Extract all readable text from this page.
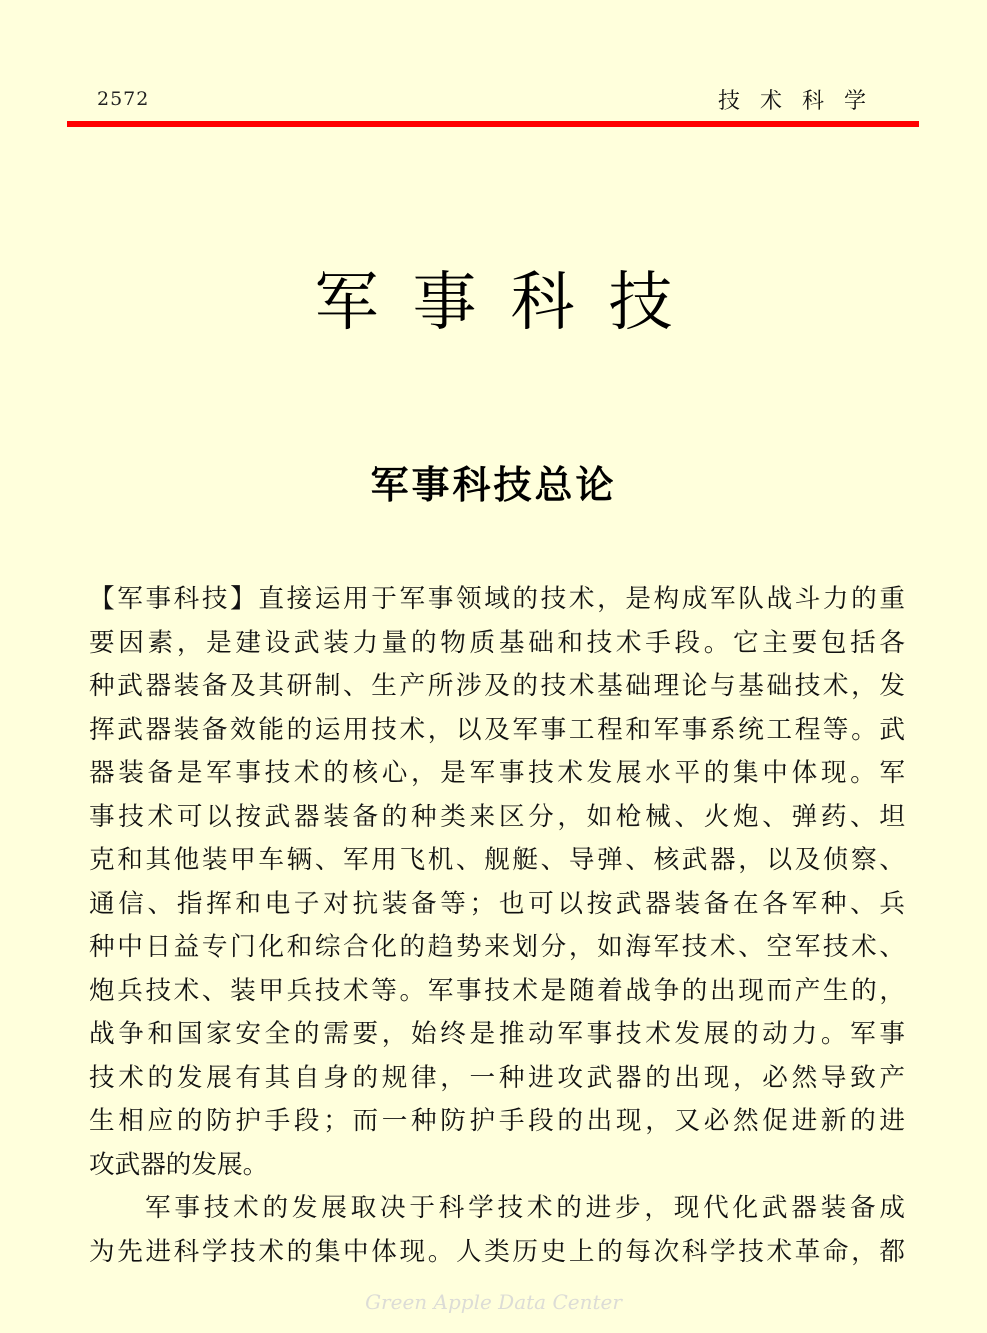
2572	技术科学
军事科技
军事科技总论
【军事科技】直接运用于军事领域的技术，是构成军队战斗力的重
要因素，是建设武装力量的物质基础和技术手段。它主要包括各
种武器装备及其研制、生产所涉及的技术基础理论与基础技术，发
挥武器装备效能的运用技术，以及军事工程和军事系统工程等。武
器装备是军事技术的核心，是军事技术发展水平的集中体现。军
事技术可以按武器装备的种类来区分，如枪械、火炮、弹药、坦
克和其他装甲车辆、军用飞机、舰艇、导弹、核武器，以及侦察、
通信、指挥和电子对抗装备等；也可以按武器装备在各军种、兵
种中日益专门化和综合化的趋势来划分，如海军技术、空军技术、
炮兵技术、装甲兵技术等。军事技术是随着战争的出现而产生的，
战争和国家安全的需要，始终是推动军事技术发展的动力。军事
技术的发展有其自身的规律，一种进攻武器的出现，必然导致产
生相应的防护手段；而一种防护手段的出现，又必然促进新的进
攻武器的发展。
军事技术的发展取决于科学技术的进步，现代化武器装备成
为先进科学技术的集中体现。人类历史上的每次科学技术革命，都
Green Apple Data Center
